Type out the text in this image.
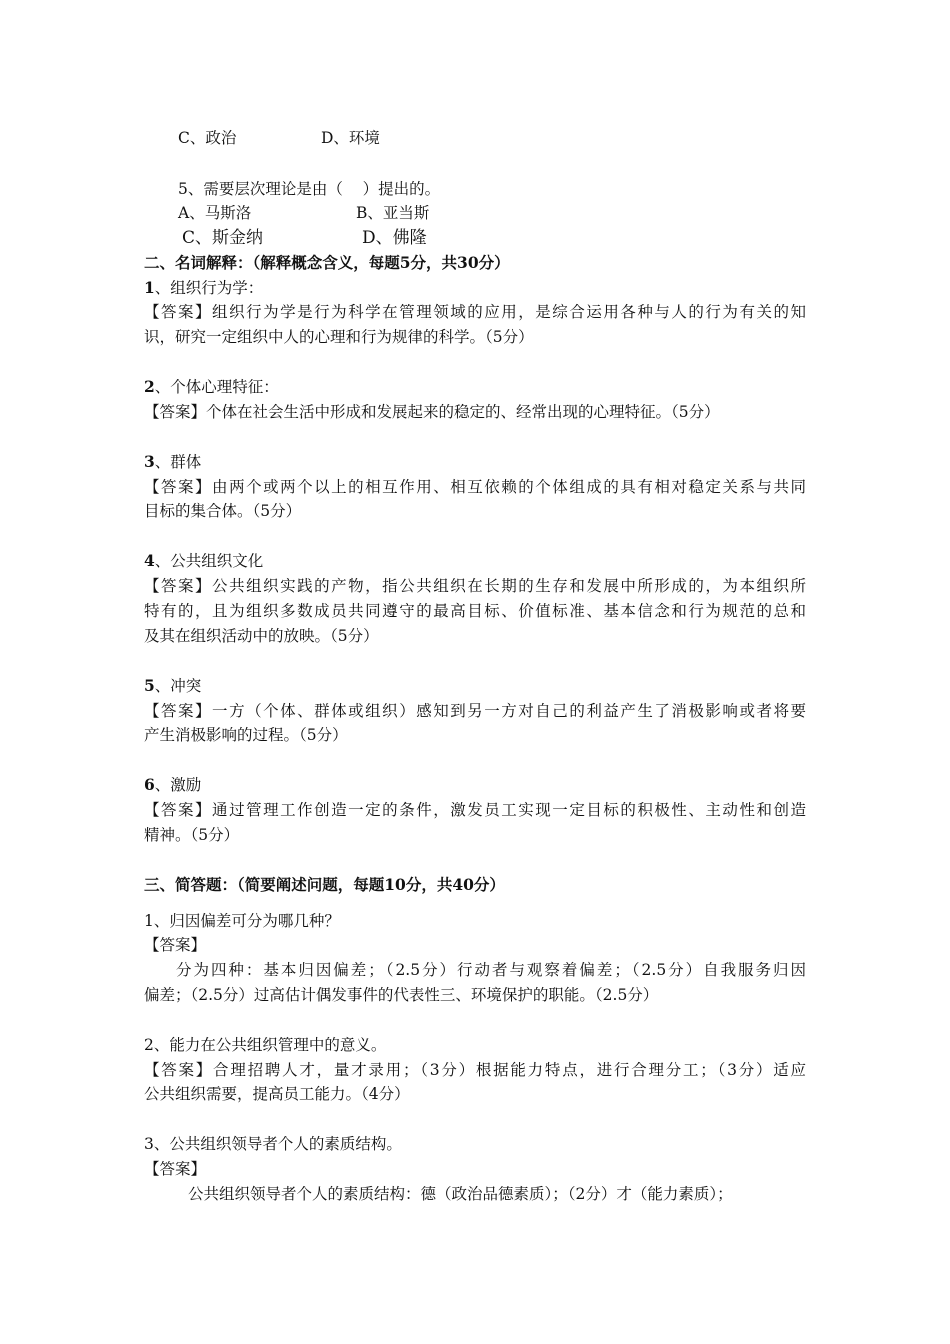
C、政治	D、环境
5、需要层次理论是由（    ）提出的。
A、马斯洛	B、亚当斯
C、斯金纳	D、佛隆
二、名词解释：（解释概念含义，每题5分，共30分）
1、组织行为学：
【答案】组织行为学是行为科学在管理领域的应用，是综合运用各种与人的行为有关的知
识，研究一定组织中人的心理和行为规律的科学。（5分）
2、个体心理特征：
【答案】个体在社会生活中形成和发展起来的稳定的、经常出现的心理特征。（5分）
3、群体
【答案】由两个或两个以上的相互作用、相互依赖的个体组成的具有相对稳定关系与共同
目标的集合体。（5分）
4、公共组织文化
【答案】公共组织实践的产物，指公共组织在长期的生存和发展中所形成的，为本组织所
特有的，且为组织多数成员共同遵守的最高目标、价值标准、基本信念和行为规范的总和
及其在组织活动中的放映。（5分）
5、冲突
【答案】一方（个体、群体或组织）感知到另一方对自己的利益产生了消极影响或者将要
产生消极影响的过程。（5分）
6、激励
【答案】通过管理工作创造一定的条件，激发员工实现一定目标的积极性、主动性和创造
精神。（5分）
三、简答题：（简要阐述问题，每题10分，共40分）
1、归因偏差可分为哪几种？
【答案】
分为四种：基本归因偏差；（2.5分）行动者与观察着偏差；（2.5分）自我服务归因
偏差；（2.5分）过高估计偶发事件的代表性三、环境保护的职能。（2.5分）
2、能力在公共组织管理中的意义。
【答案】合理招聘人才，量才录用；（3分）根据能力特点，进行合理分工；（3分）适应
公共组织需要，提高员工能力。（4分）
3、公共组织领导者个人的素质结构。
【答案】
公共组织领导者个人的素质结构：德（政治品德素质）；（2分）才（能力素质）；
